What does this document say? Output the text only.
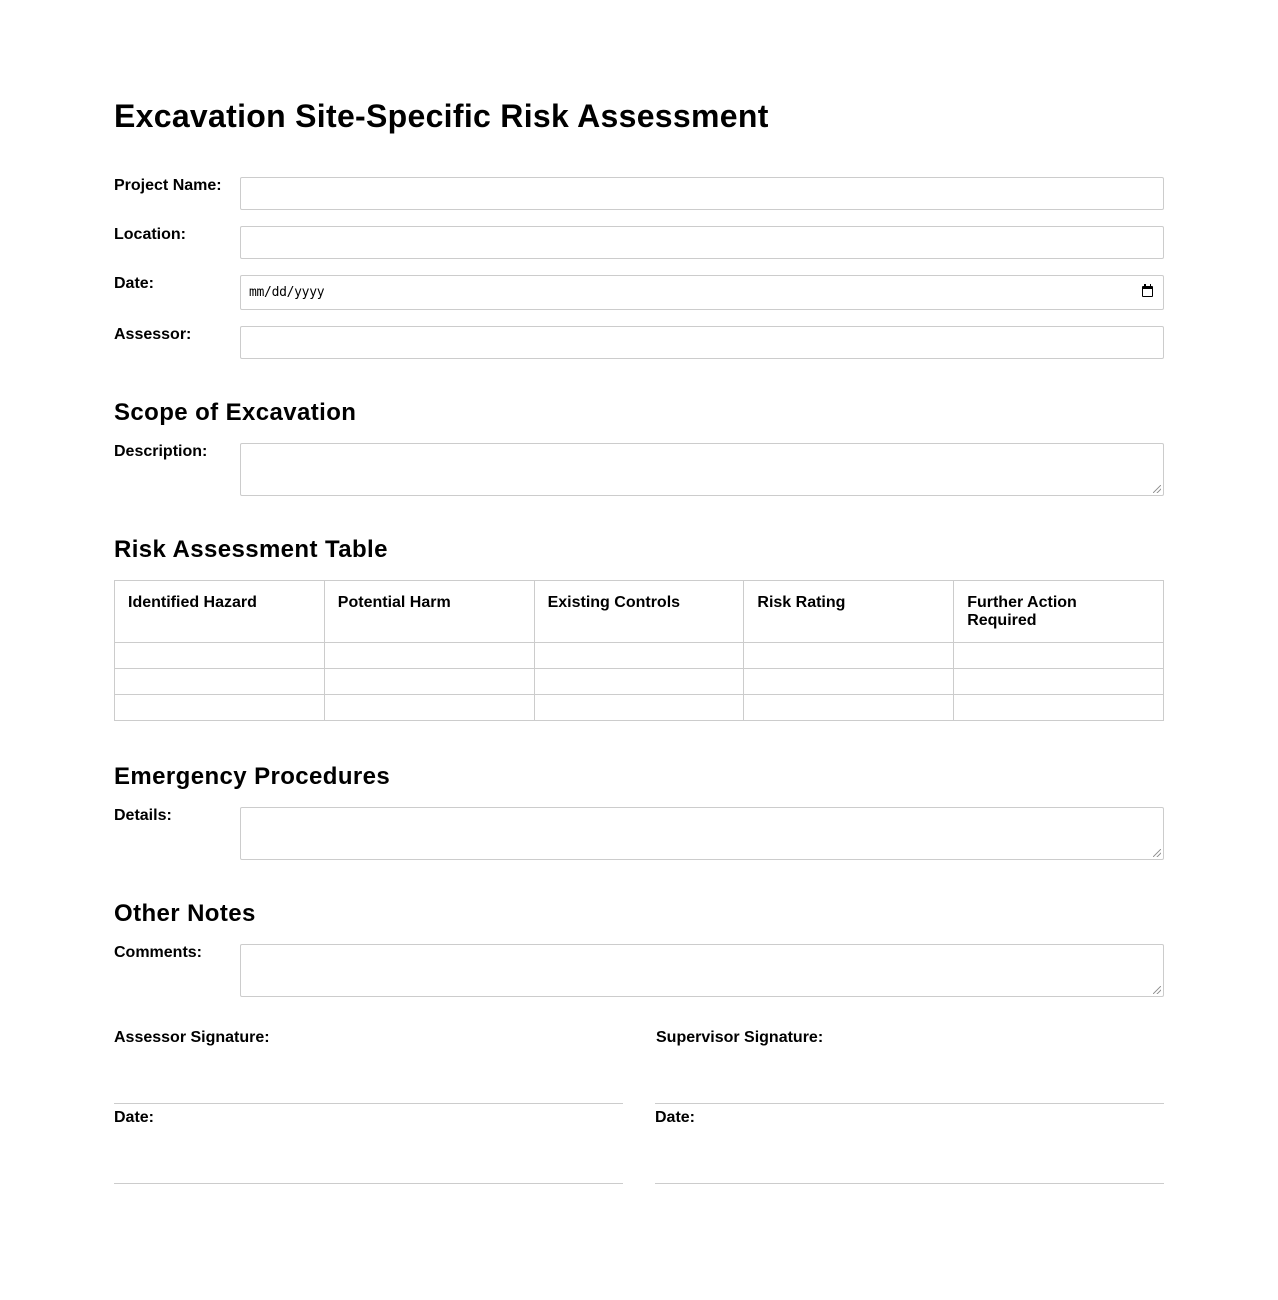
Excavation Site-Specific Risk Assessment
Project Name:
Location:
Date:
mm/dd/yyyy
Assessor:
Scope of Excavation
Description:
Risk Assessment Table
Identified Hazard	Potential Harm	Existing Controls	Risk Rating	Further Action Required

Emergency Procedures
Details:
Other Notes
Comments:
Assessor Signature:
Date:
Supervisor Signature:
Date:
